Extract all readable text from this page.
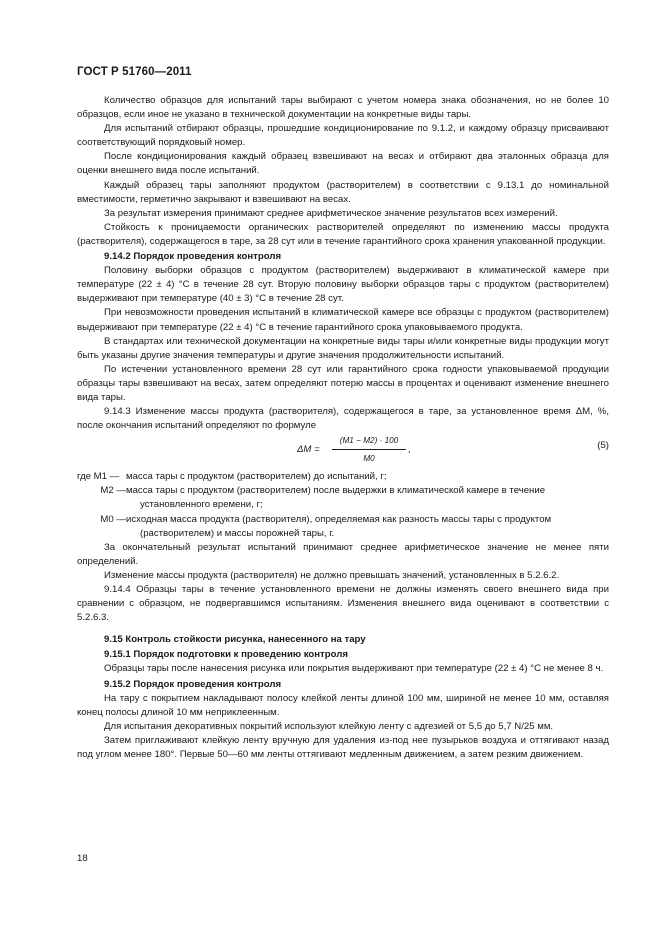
ГОСТ Р 51760—2011

Количество образцов для испытаний тары выбирают с учетом номера знака обозначения, но не более 10 образцов, если иное не указано в технической документации на конкретные виды тары.

Для испытаний отбирают образцы, прошедшие кондиционирование по 9.1.2, и каждому образцу присваивают соответствующий порядковый номер.

После кондиционирования каждый образец взвешивают на весах и отбирают два эталонных образца для оценки внешнего вида после испытаний.

Каждый образец тары заполняют продуктом (растворителем) в соответствии с 9.13.1 до номинальной вместимости, герметично закрывают и взвешивают на весах.

За результат измерения принимают среднее арифметическое значение результатов всех измерений.

Стойкость к проницаемости органических растворителей определяют по изменению массы продукта (растворителя), содержащегося в таре, за 28 сут или в течение гарантийного срока хранения упакованной продукции.

9.14.2 Порядок проведения контроля

Половину выборки образцов с продуктом (растворителем) выдерживают в климатической камере при температуре (22 ± 4) °С в течение 28 сут. Вторую половину выборки образцов тары с продуктом (растворителем) выдерживают при температуре (40 ± 3) °С в течение 28 сут.

При невозможности проведения испытаний в климатической камере все образцы с продуктом (растворителем) выдерживают при температуре (22 ± 4) °С в течение гарантийного срока упаковываемого продукта.

В стандартах или технической документации на конкретные виды тары и/или конкретные виды продукции могут быть указаны другие значения температуры и другие значения продолжительности испытаний.

По истечении установленного времени 28 сут или гарантийного срока годности упаковываемой продукции образцы тары взвешивают на весах, затем определяют потерю массы в процентах и оценивают изменение внешнего вида тары.

9.14.3 Изменение массы продукта (растворителя), содержащегося в таре, за установленное время ΔМ, %, после окончания испытаний определяют по формуле

$\Delta M = \frac{(M1 - M2) \cdot 100}{M0}$ ,	(5)
где M1 — масса тары с продуктом (растворителем) до испытаний, г;
M2 — масса тары с продуктом (растворителем) после выдержки в климатической камере в течение установленного времени, г;
M0 — исходная масса продукта (растворителя), определяемая как разность массы тары с продуктом (растворителем) и массы порожней тары, г.

За окончательный результат испытаний принимают среднее арифметическое значение не менее пяти определений.

Изменение массы продукта (растворителя) не должно превышать значений, установленных в 5.2.6.2.

9.14.4 Образцы тары в течение установленного времени не должны изменять своего внешнего вида при сравнении с образцом, не подвергавшимся испытаниям. Изменения внешнего вида оценивают в соответствии с 5.2.6.3.

9.15 Контроль стойкости рисунка, нанесенного на тару

9.15.1 Порядок подготовки к проведению контроля

Образцы тары после нанесения рисунка или покрытия выдерживают при температуре (22 ± 4) °С не менее 8 ч.

9.15.2 Порядок проведения контроля

На тару с покрытием накладывают полосу клейкой ленты длиной 100 мм, шириной не менее 10 мм, оставляя конец полосы длиной 10 мм неприклеенным.

Для испытания декоративных покрытий используют клейкую ленту с адгезией от 5,5 до 5,7 N/25 мм.

Затем приглаживают клейкую ленту вручную для удаления из-под нее пузырьков воздуха и оттягивают назад под углом менее 180°. Первые 50—60 мм ленты оттягивают медленным движением, а затем резким движением.

18
